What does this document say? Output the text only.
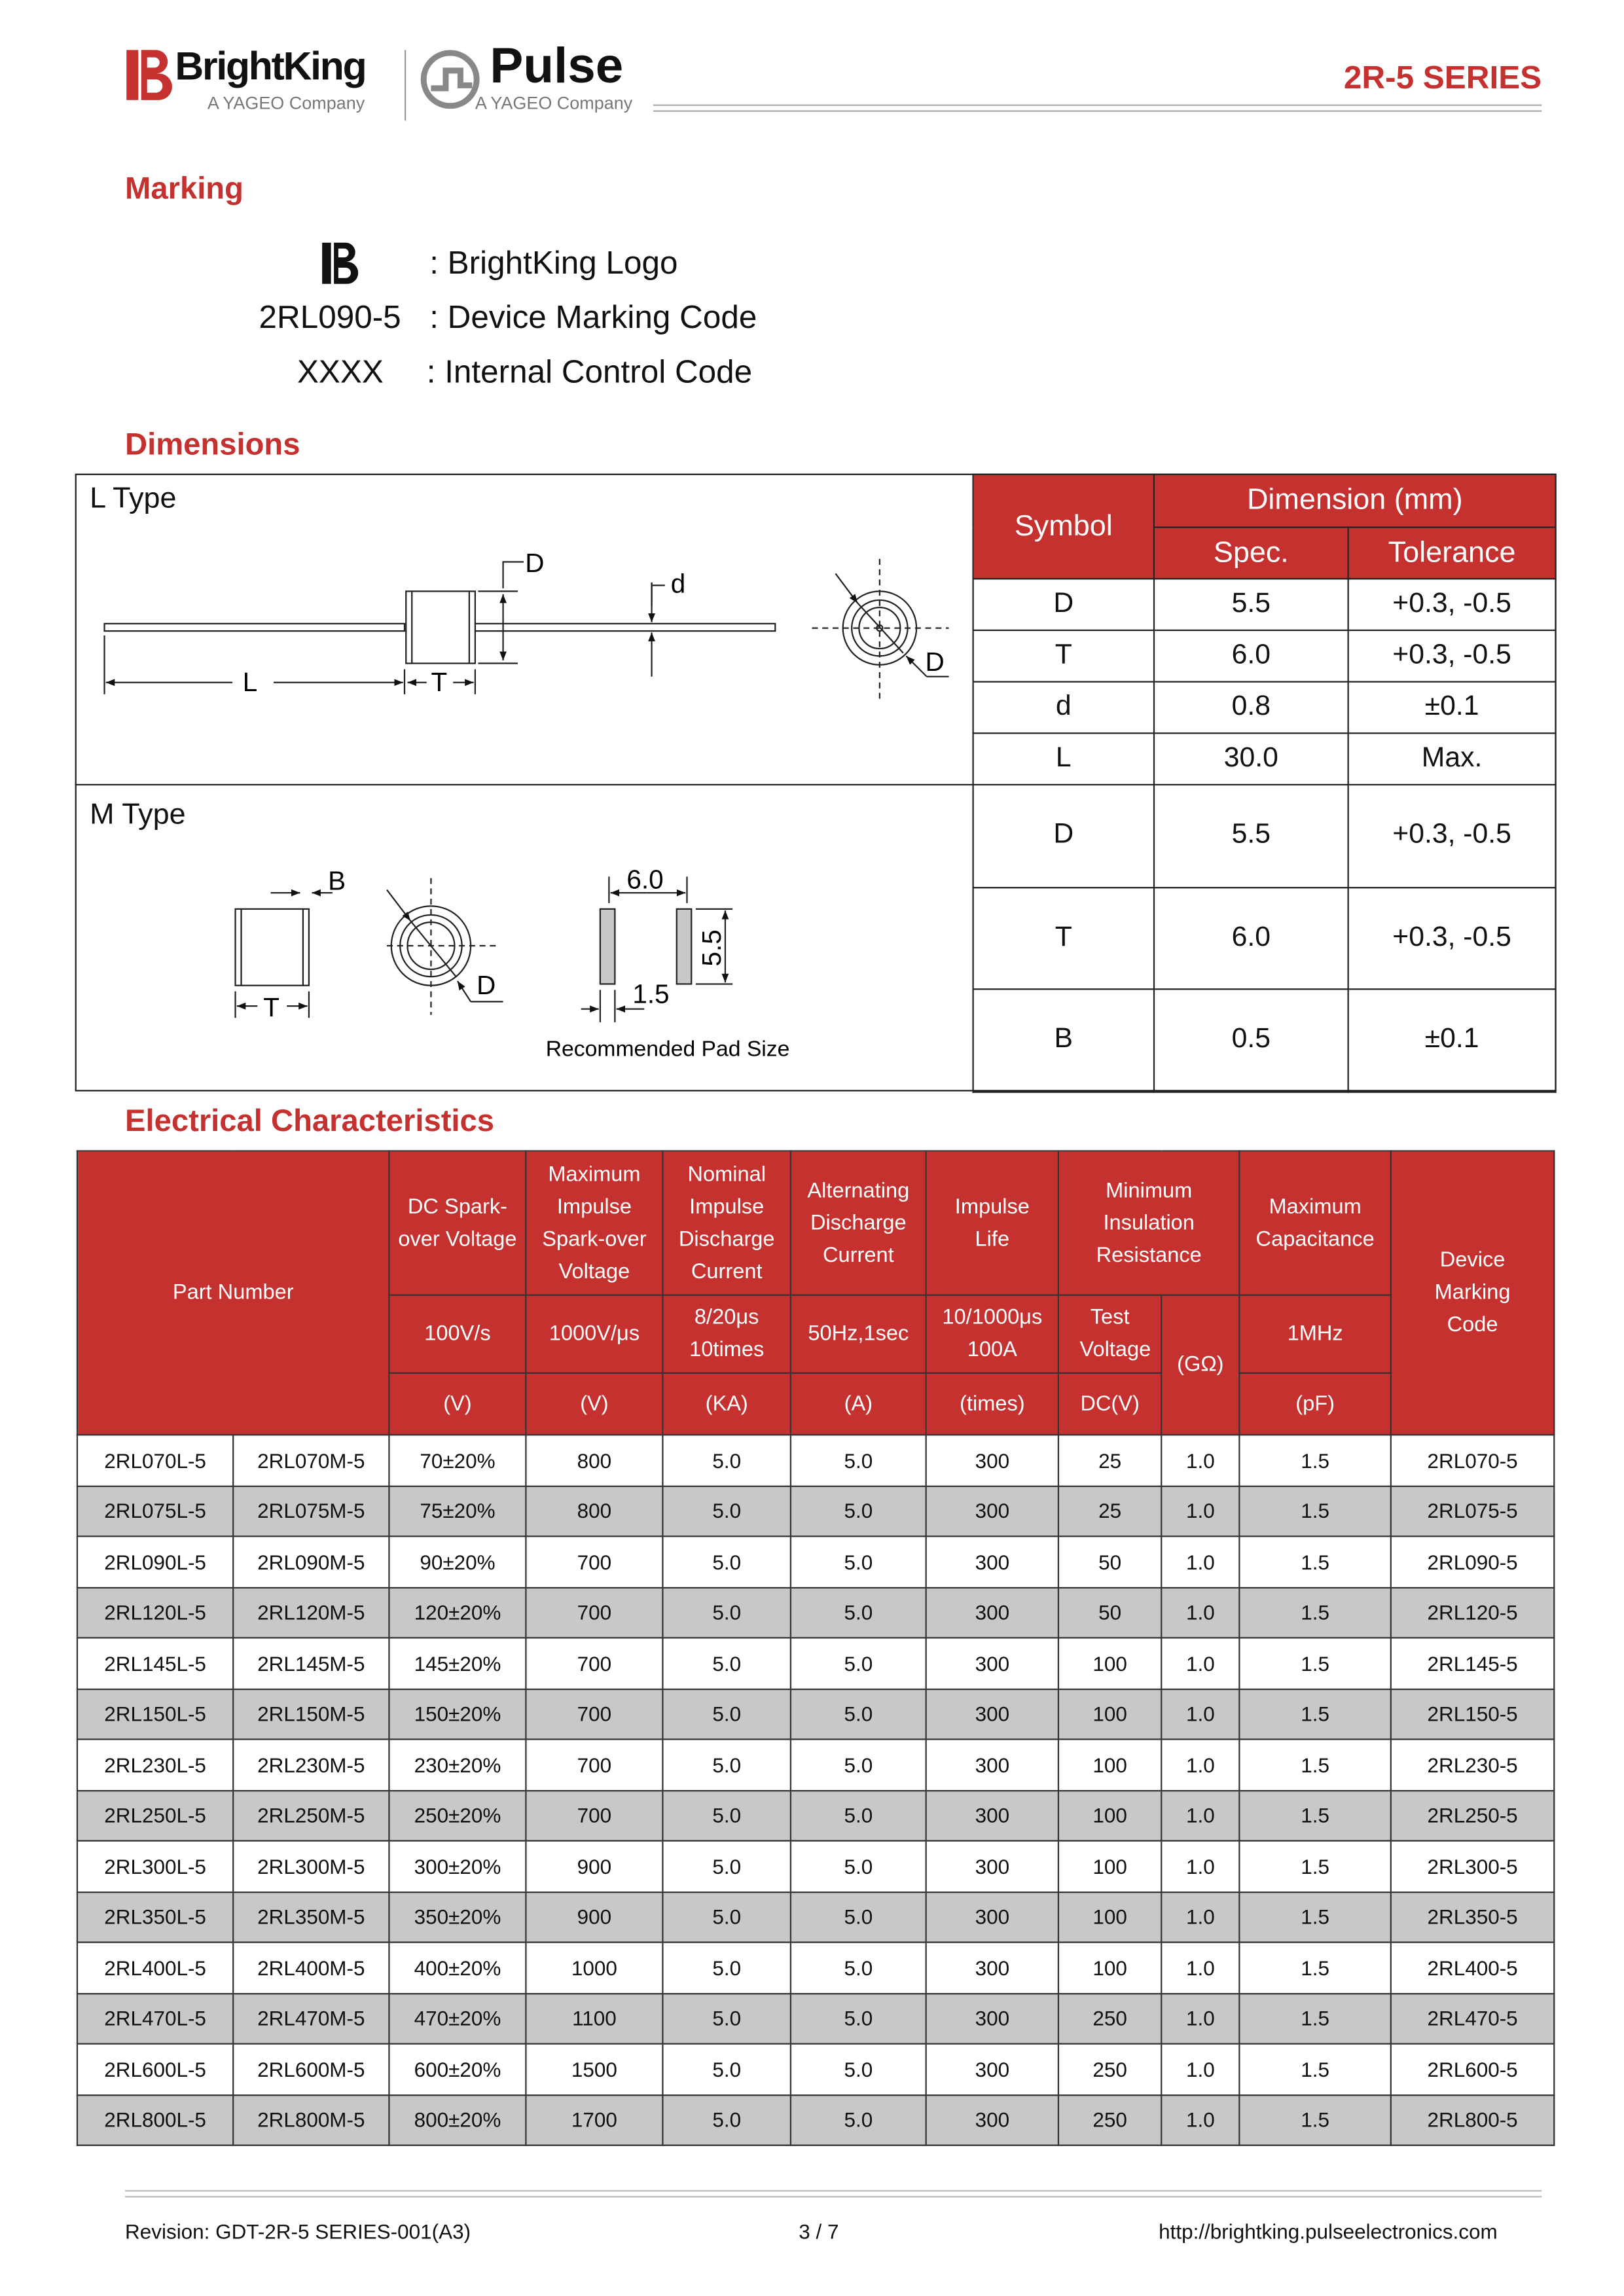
BrightKing
A YAGEO Company
Pulse
A YAGEO Company
2R-5 SERIES
Marking
: BrightKing Logo
2RL090-5 : Device Marking Code
XXXX	: Internal Control Code
Dimensions
L Type
M Type
D
d
L	T
D
B
T
D
6.0
5.5
1.5
Recommended Pad Size
Symbol	Dimension (mm)	
	Spec.	Tolerance
D	5.5	+0.3, -0.5
T	6.0	+0.3, -0.5
d	0.8	±0.1
L	30.0	Max.
D	5.5	+0.3, -0.5
T	6.0	+0.3, -0.5
B	0.5	±0.1
Electrical Characteristics
Part Number		DC Spark-over Voltage	Maximum Impulse Spark-over Voltage	Nominal Impulse Discharge Current	Alternating Discharge Current	Impulse Life	Minimum Insulation Resistance		Maximum Capacitance	Device Marking Code
		100V/s	1000V/μs	8/20μs 10times	50Hz,1sec	10/1000μs 100A	Test Voltage	(GΩ)	1MHz	
		(V)	(V)	(KA)	(A)	(times)	DC(V)		(pF)	
2RL070L-5	2RL070M-5	70±20%	800	5.0	5.0	300	25	1.0	1.5	2RL070-5
2RL075L-5	2RL075M-5	75±20%	800	5.0	5.0	300	25	1.0	1.5	2RL075-5
2RL090L-5	2RL090M-5	90±20%	700	5.0	5.0	300	50	1.0	1.5	2RL090-5
2RL120L-5	2RL120M-5	120±20%	700	5.0	5.0	300	50	1.0	1.5	2RL120-5
2RL145L-5	2RL145M-5	145±20%	700	5.0	5.0	300	100	1.0	1.5	2RL145-5
2RL150L-5	2RL150M-5	150±20%	700	5.0	5.0	300	100	1.0	1.5	2RL150-5
2RL230L-5	2RL230M-5	230±20%	700	5.0	5.0	300	100	1.0	1.5	2RL230-5
2RL250L-5	2RL250M-5	250±20%	700	5.0	5.0	300	100	1.0	1.5	2RL250-5
2RL300L-5	2RL300M-5	300±20%	900	5.0	5.0	300	100	1.0	1.5	2RL300-5
2RL350L-5	2RL350M-5	350±20%	900	5.0	5.0	300	100	1.0	1.5	2RL350-5
2RL400L-5	2RL400M-5	400±20%	1000	5.0	5.0	300	100	1.0	1.5	2RL400-5
2RL470L-5	2RL470M-5	470±20%	1100	5.0	5.0	300	250	1.0	1.5	2RL470-5
2RL600L-5	2RL600M-5	600±20%	1500	5.0	5.0	300	250	1.0	1.5	2RL600-5
2RL800L-5	2RL800M-5	800±20%	1700	5.0	5.0	300	250	1.0	1.5	2RL800-5
Revision: GDT-2R-5 SERIES-001(A3)	3 / 7	http://brightking.pulseelectronics.com
